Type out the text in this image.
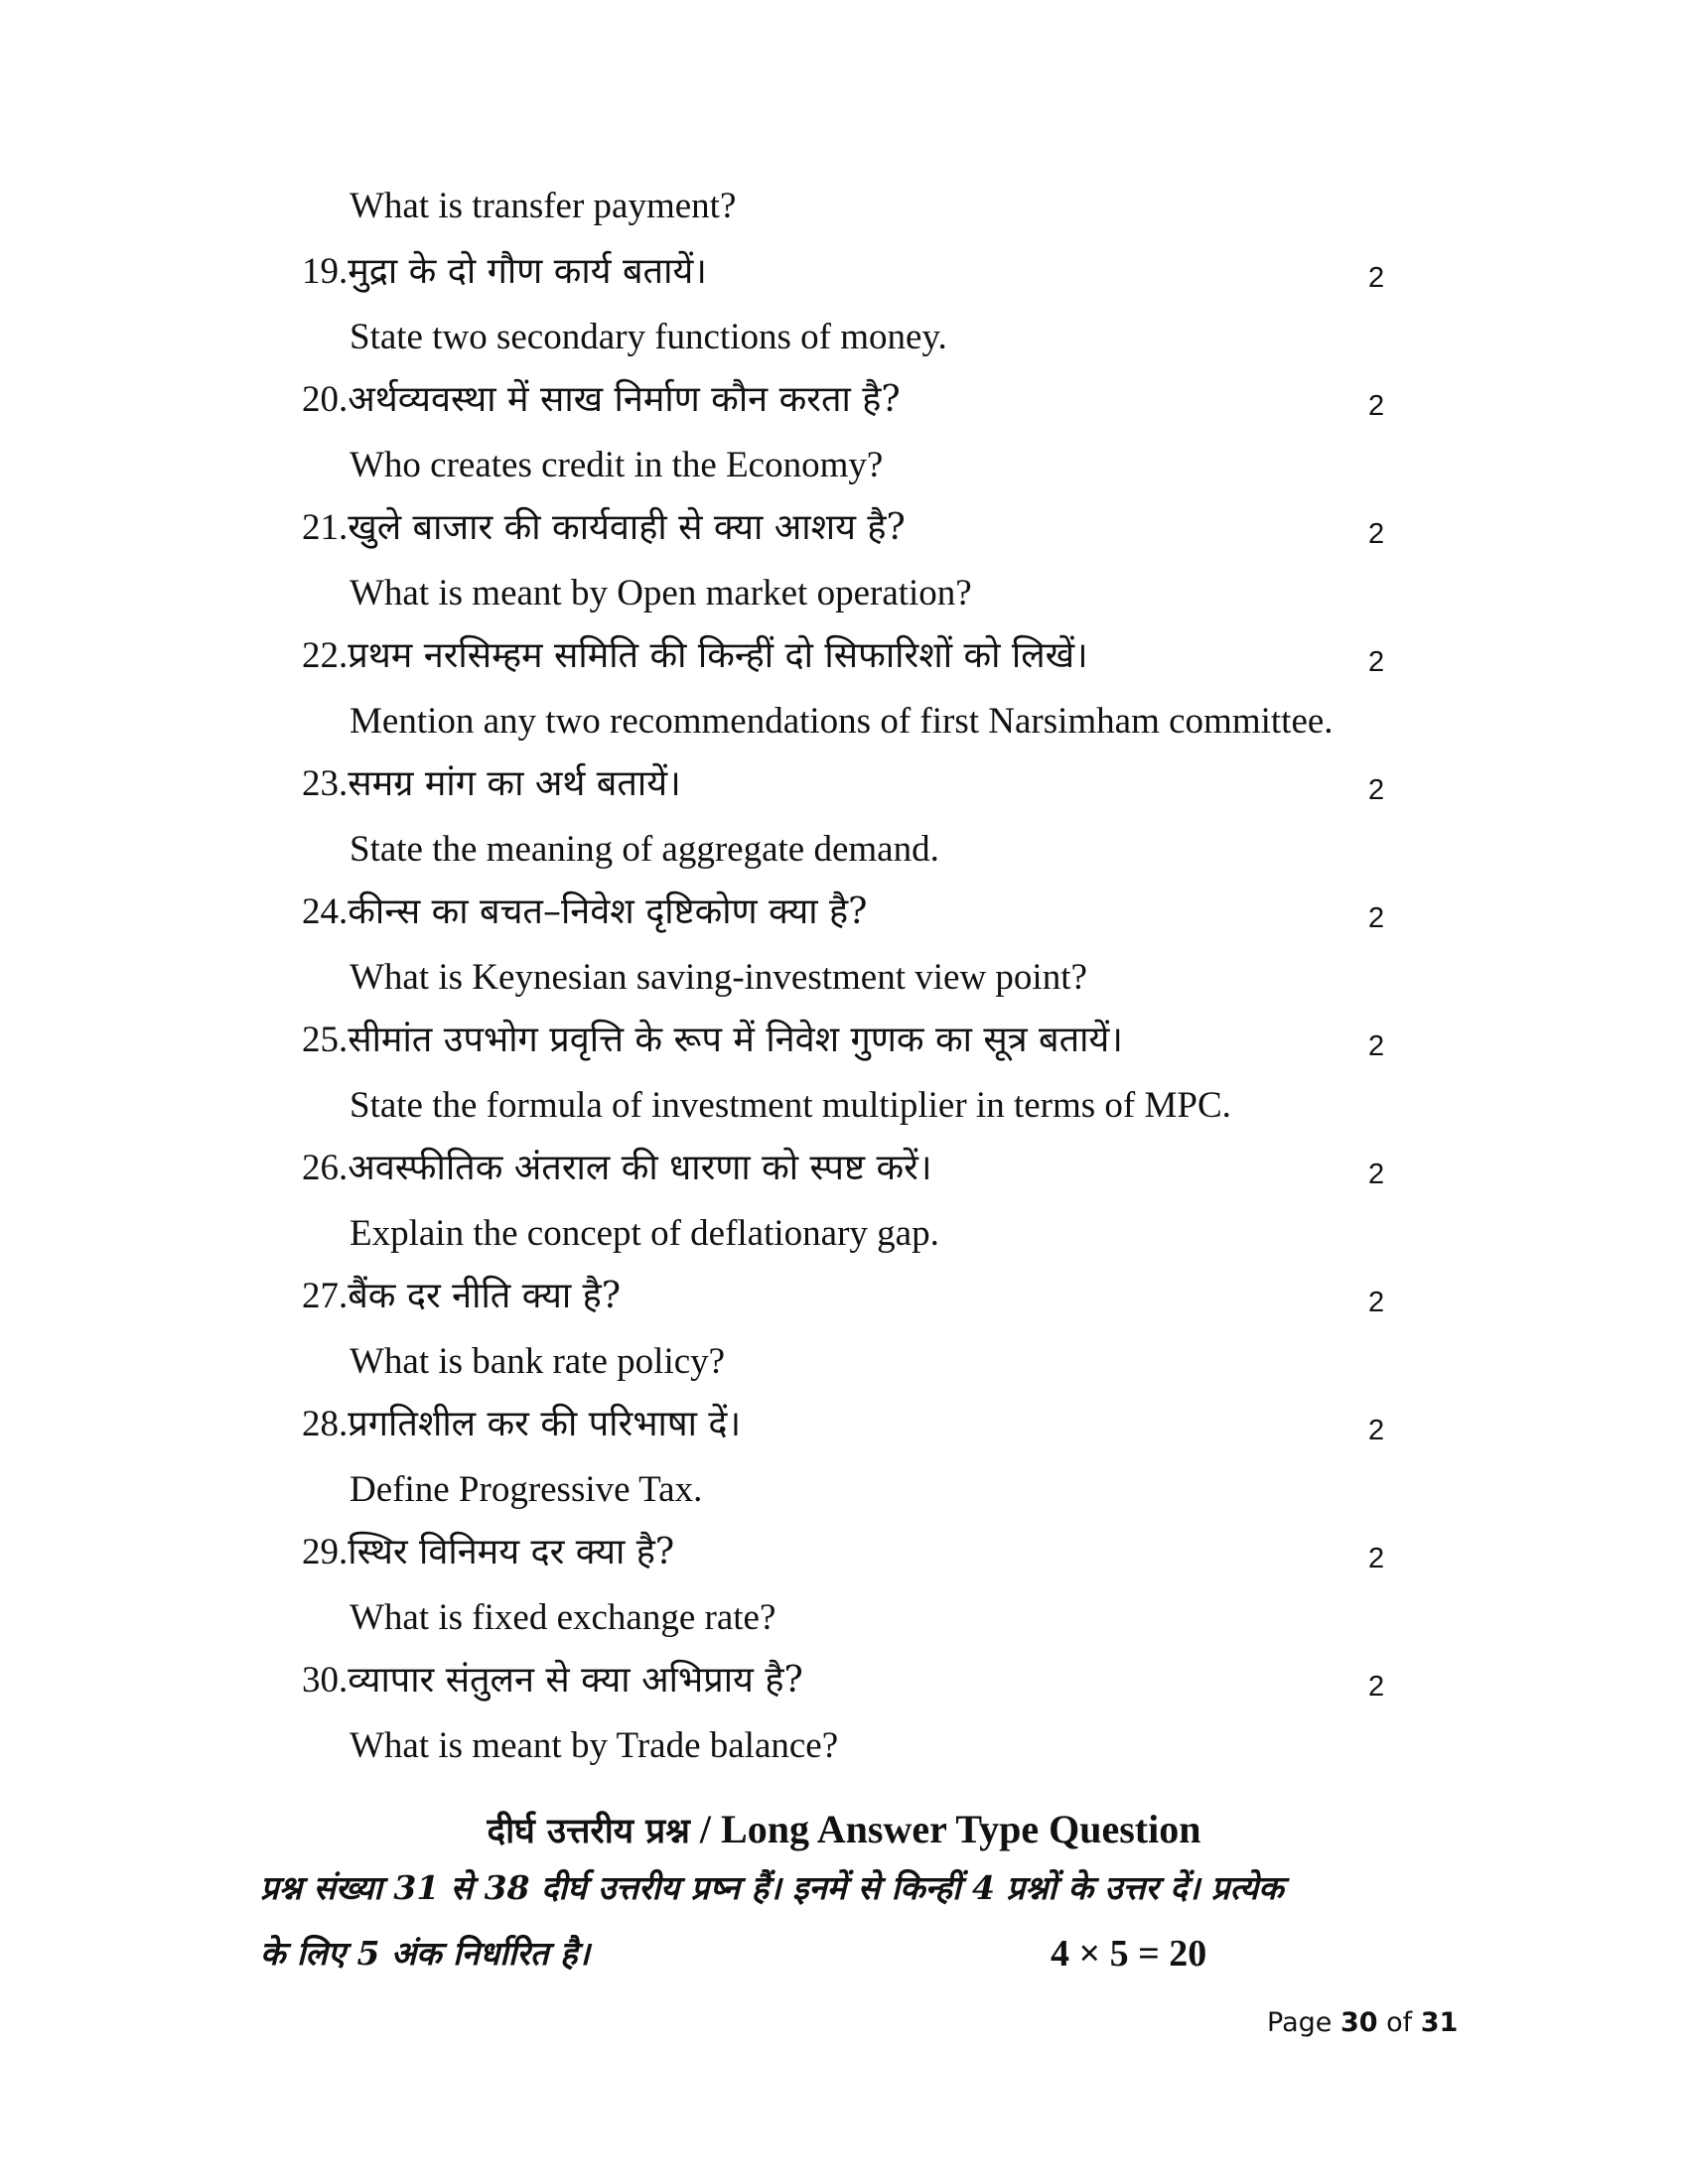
What is transfer payment?
19.मुद्रा के दो गौण कार्य बतायें।	2
State two secondary functions of money.
20.अर्थव्यवस्था में साख निर्माण कौन करता है?	2
Who creates credit in the Economy?
21.खुले बाजार की कार्यवाही से क्या आशय है?	2
What is meant by Open market operation?
22.प्रथम नरसिम्हम समिति की किन्हीं दो सिफारिशों को लिखें।	2
Mention any two recommendations of first Narsimham committee.
23.समग्र मांग का अर्थ बतायें।	2
State the meaning of aggregate demand.
24.कीन्स का बचत–निवेश दृष्टिकोण क्या है?	2
What is Keynesian saving-investment view point?
25.सीमांत उपभोग प्रवृत्ति के रूप में निवेश गुणक का सूत्र बतायें।	2
State the formula of investment multiplier in terms of MPC.
26.अवस्फीतिक अंतराल की धारणा को स्पष्ट करें।	2
Explain the concept of deflationary gap.
27.बैंक दर नीति क्या है?	2
What is bank rate policy?
28.प्रगतिशील कर की परिभाषा दें।	2
Define Progressive Tax.
29.स्थिर विनिमय दर क्या है?	2
What is fixed exchange rate?
30.व्यापार संतुलन से क्या अभिप्राय है?	2
What is meant by Trade balance?
दीर्घ उत्तरीय प्रश्न / Long Answer Type Question
प्रश्न संख्या 31 से 38 दीर्घ उत्तरीय प्रष्न हैं। इनमें से किन्हीं 4 प्रश्नों के उत्तर दें। प्रत्येक
के लिए 5 अंक निर्धारित है।	4 × 5 = 20
Page 30 of 31
